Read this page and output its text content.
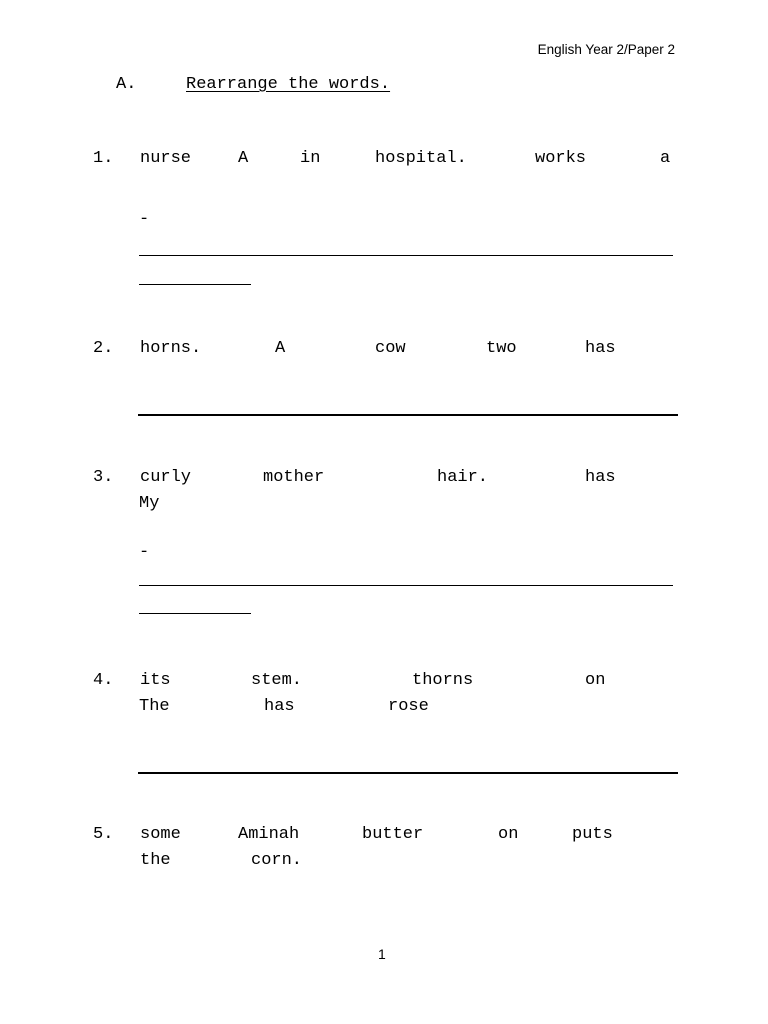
English Year 2/Paper 2
A.	Rearrange the words.
1. nurse	A	in	hospital.	works	a
-
2. horns.	A	cow	two	has
3. curly	mother	hair.	has
My
-
4. its	stem.	thorns	on
The	has	rose
5. some	Aminah	butter	on	puts
the	corn.
1
